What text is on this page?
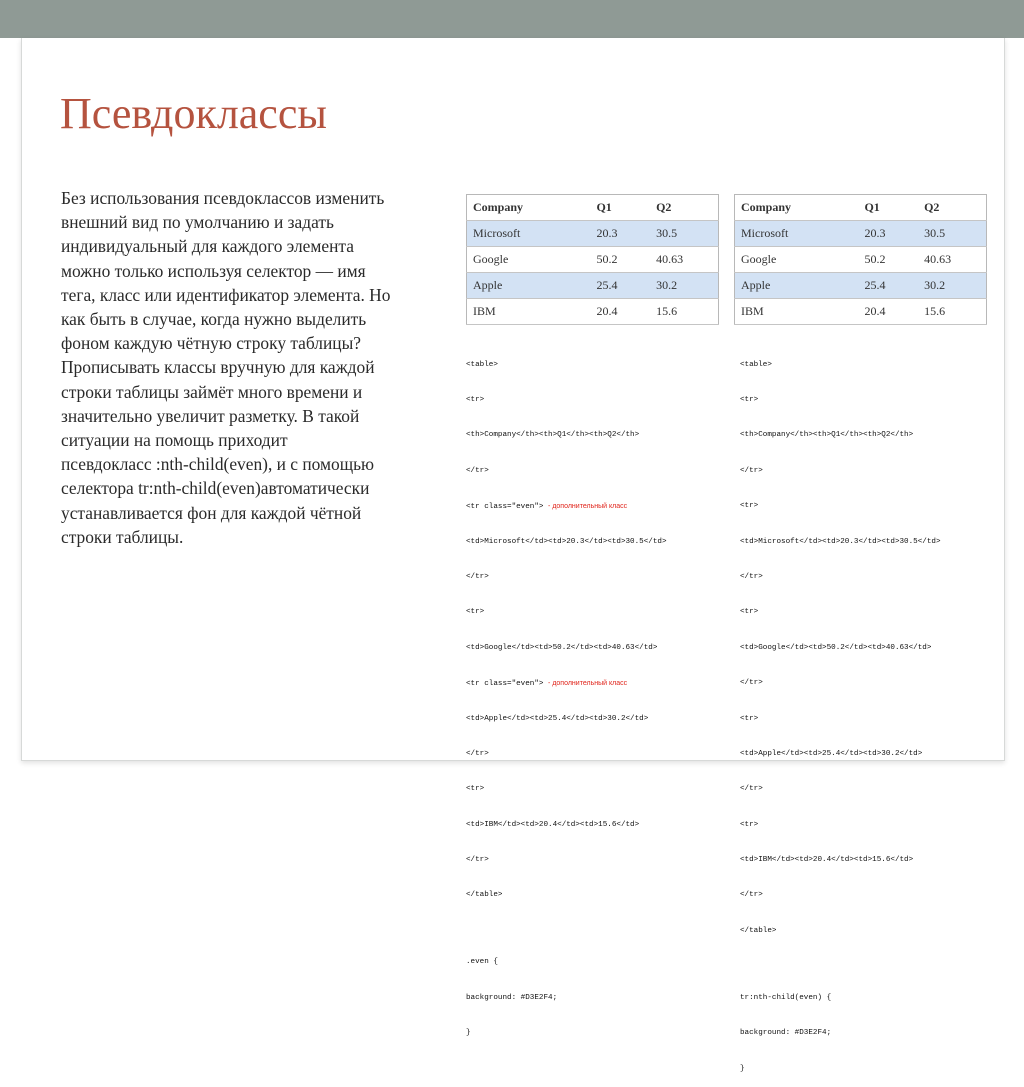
Псевдоклассы
Без использования псевдоклассов изменить
внешний вид по умолчанию и задать
индивидуальный для каждого элемента
можно только используя селектор — имя
тега, класс или идентификатор элемента. Но
как быть в случае, когда нужно выделить
фоном каждую чётную строку таблицы?
Прописывать классы вручную для каждой
строки таблицы займёт много времени и
значительно увеличит разметку. В такой
ситуации на помощь приходит
псевдокласс :nth-child(even), и с помощью
селектора tr:nth-child(even)автоматически
устанавливается фон для каждой чётной
строки таблицы.
Company	Q1	Q2
Microsoft	20.3	30.5
Google	50.2	40.63
Apple	25.4	30.2
IBM	20.4	15.6
Company	Q1	Q2
Microsoft	20.3	30.5
Google	50.2	40.63
Apple	25.4	30.2
IBM	20.4	15.6

<table>

<tr>

<th>Company</th><th>Q1</th><th>Q2</th>

</tr>

<tr class="even"> - дополнительный класс

<td>Microsoft</td><td>20.3</td><td>30.5</td>

</tr>

<tr>

<td>Google</td><td>50.2</td><td>40.63</td>

<tr class="even"> - дополнительный класс

<td>Apple</td><td>25.4</td><td>30.2</td>

</tr>

<tr>

<td>IBM</td><td>20.4</td><td>15.6</td>

</tr>

</table>

.even {

background: #D3E2F4;

}

<table>

<tr>

<th>Company</th><th>Q1</th><th>Q2</th>

</tr>

<tr>

<td>Microsoft</td><td>20.3</td><td>30.5</td>

</tr>

<tr>

<td>Google</td><td>50.2</td><td>40.63</td>

</tr>

<tr>

<td>Apple</td><td>25.4</td><td>30.2</td>

</tr>

<tr>

<td>IBM</td><td>20.4</td><td>15.6</td>

</tr>

</table>

tr:nth-child(even) {

background: #D3E2F4;

}
